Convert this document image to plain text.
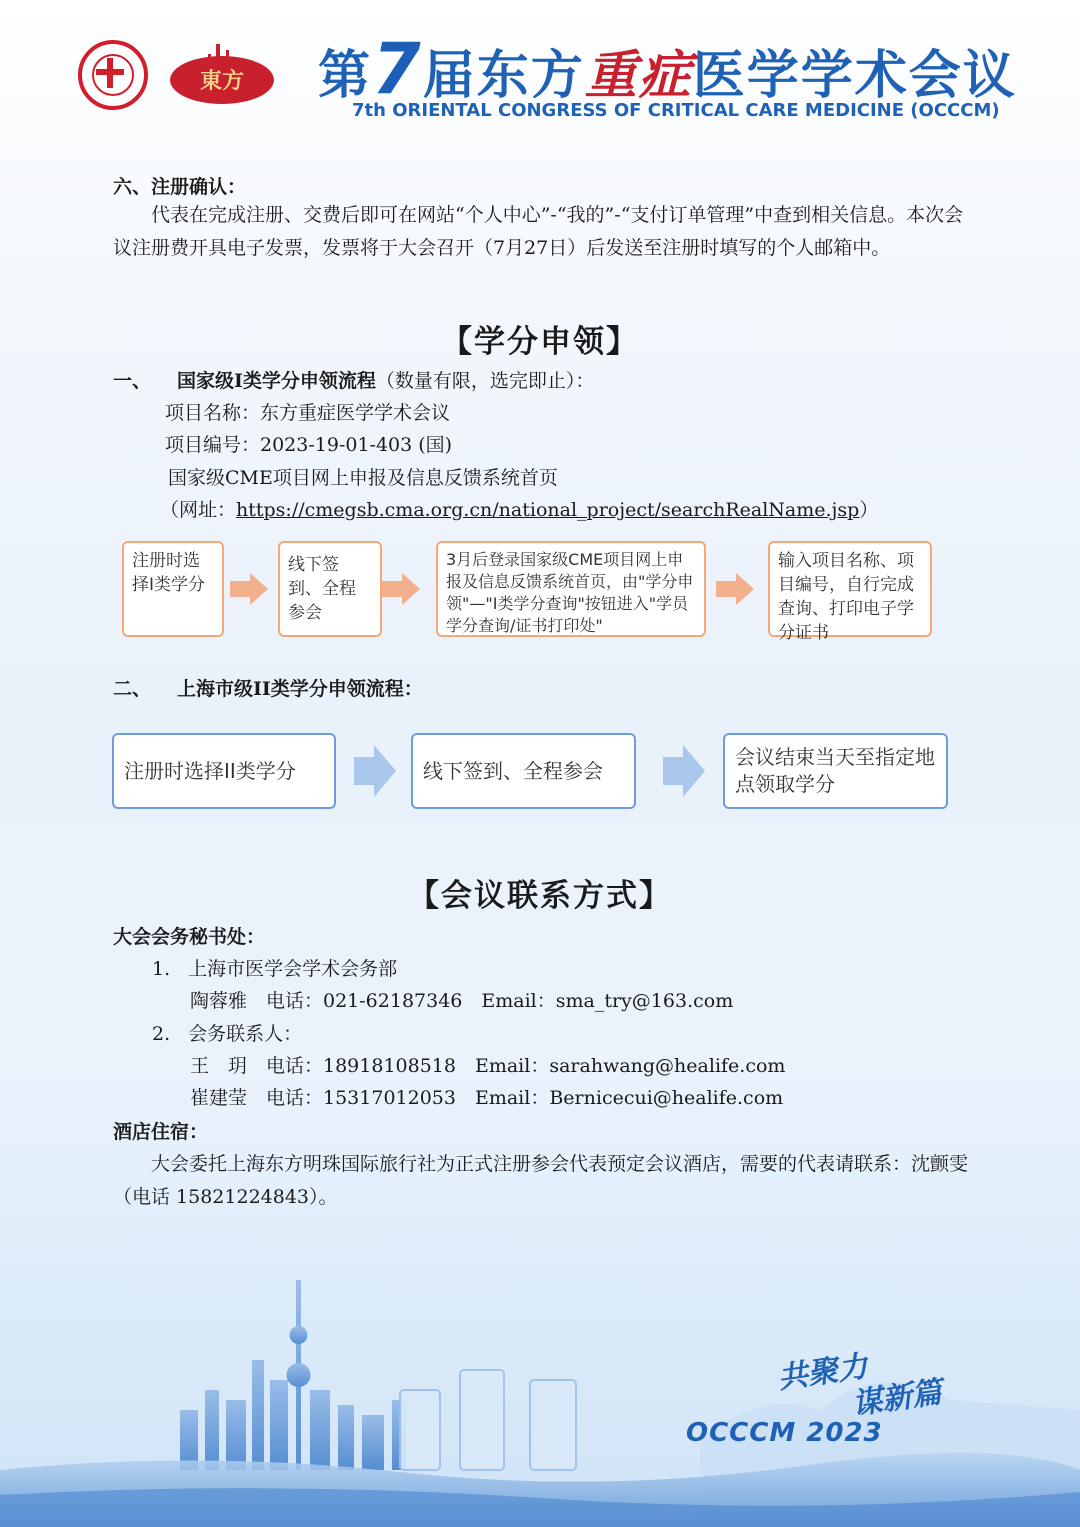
東方 第7届东方重症医学学术会议
7th ORIENTAL CONGRESS OF CRITICAL CARE MEDICINE (OCCCM)
六、注册确认：
代表在完成注册、交费后即可在网站“个人中心”-“我的”-“支付订单管理”中查到相关信息。本次会议注册费开具电子发票，发票将于大会召开（7月27日）后发送至注册时填写的个人邮箱中。
【学分申领】
一、 国家级I类学分申领流程（数量有限，选完即止）：
项目名称：东方重症医学学术会议
项目编号：2023-19-01-403 (国)
国家级CME项目网上申报及信息反馈系统首页
（网址：https://cmegsb.cma.org.cn/national_project/searchRealName.jsp）
注册时选择I类学分
线下签到、全程参会
3月后登录国家级CME项目网上申报及信息反馈系统首页，由"学分申领"—"I类学分查询"按钮进入"学员学分查询/证书打印处"
输入项目名称、项目编号，自行完成查询、打印电子学分证书
二、 上海市级II类学分申领流程：
注册时选择II类学分	线下签到、全程参会
会议结束当天至指定地点领取学分
【会议联系方式】
大会会务秘书处：
1. 上海市医学会学术会务部
陶蓉雅　电话：021-62187346　Email：sma_try@163.com
2. 会务联系人：
王　玥　电话：18918108518　Email：sarahwang@healife.com
崔建莹　电话：15317012053　Email：Bernicecui@healife.com
酒店住宿：
大会委托上海东方明珠国际旅行社为正式注册参会代表预定会议酒店，需要的代表请联系：沈颤雯（电话 15821224843）。
共聚力
谋新篇
OCCCM 2023
